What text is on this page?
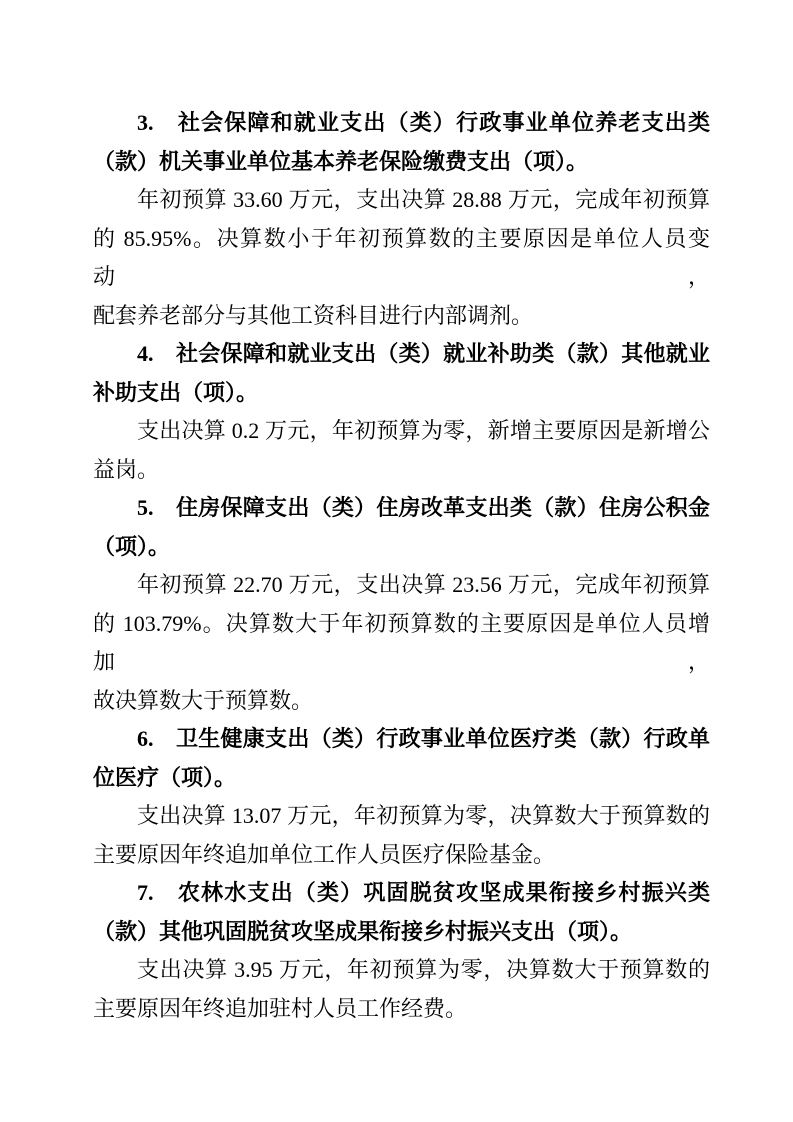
3.　社会保障和就业支出（类）行政事业单位养老支出类
（款）机关事业单位基本养老保险缴费支出（项）。
年初预算 33.60 万元，支出决算 28.88 万元，完成年初预算
的 85.95%。决算数小于年初预算数的主要原因是单位人员变动，
配套养老部分与其他工资科目进行内部调剂。
4.　社会保障和就业支出（类）就业补助类（款）其他就业
补助支出（项）。
支出决算 0.2 万元，年初预算为零，新增主要原因是新增公
益岗。
5.　住房保障支出（类）住房改革支出类（款）住房公积金
（项）。
年初预算 22.70 万元，支出决算 23.56 万元，完成年初预算
的 103.79%。决算数大于年初预算数的主要原因是单位人员增加，
故决算数大于预算数。
6.　卫生健康支出（类）行政事业单位医疗类（款）行政单
位医疗（项）。
支出决算 13.07 万元，年初预算为零，决算数大于预算数的
主要原因年终追加单位工作人员医疗保险基金。
7.　农林水支出（类）巩固脱贫攻坚成果衔接乡村振兴类
（款）其他巩固脱贫攻坚成果衔接乡村振兴支出（项）。
支出决算 3.95 万元，年初预算为零，决算数大于预算数的
主要原因年终追加驻村人员工作经费。
